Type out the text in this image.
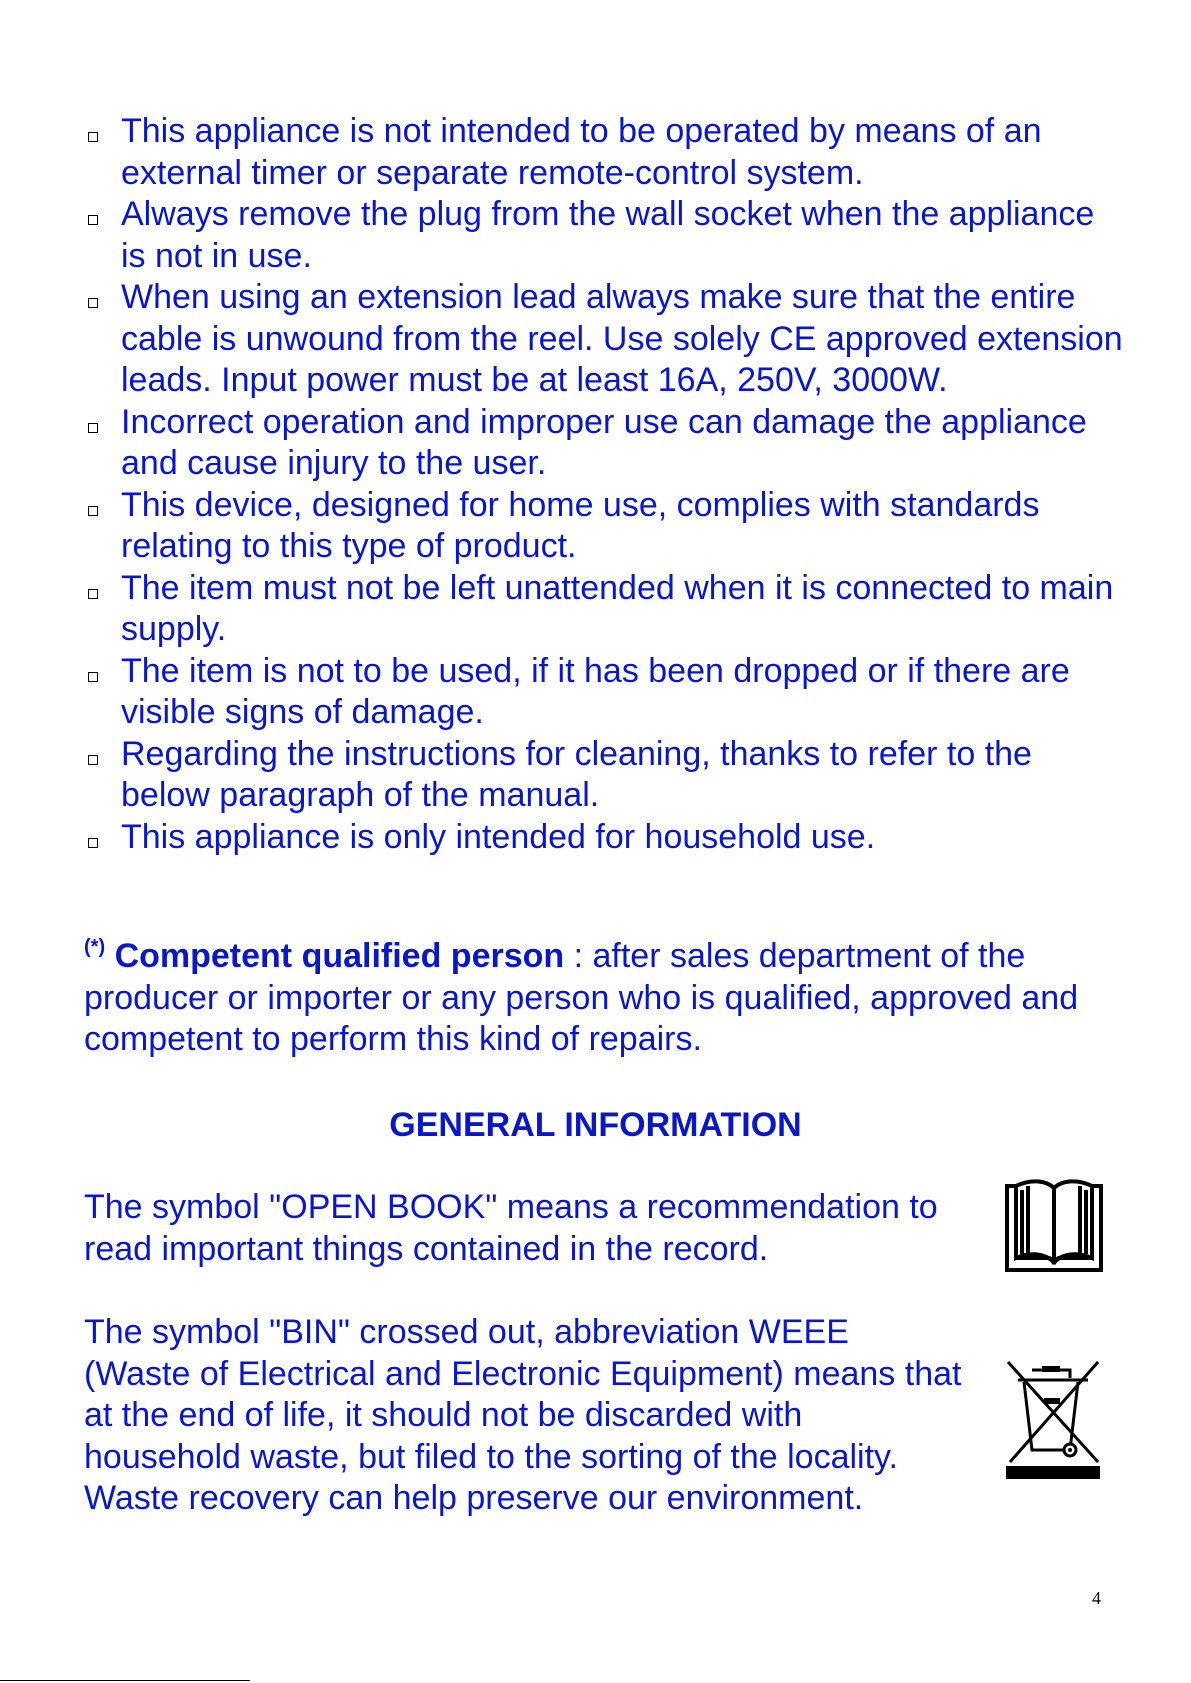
This appliance is not intended to be operated by means of an external timer or separate remote-control system.
Always remove the plug from the wall socket when the appliance is not in use.
When using an extension lead always make sure that the entire cable is unwound from the reel. Use solely CE approved extension leads. Input power must be at least 16A, 250V, 3000W.
Incorrect operation and improper use can damage the appliance and cause injury to the user.
This device, designed for home use, complies with standards relating to this type of product.
The item must not be left unattended when it is connected to main supply.
The item is not to be used, if it has been dropped or if there are visible signs of damage.
Regarding the instructions for cleaning, thanks to refer to the below paragraph of the manual.
This appliance is only intended for household use.
(*) Competent qualified person : after sales department of the producer or importer or any person who is qualified, approved and competent to perform this kind of repairs.
GENERAL INFORMATION
The symbol "OPEN BOOK" means a recommendation to read important things contained in the record.
The symbol "BIN" crossed out, abbreviation WEEE (Waste of Electrical and Electronic Equipment) means that at the end of life, it should not be discarded with household waste, but filed to the sorting of the locality. Waste recovery can help preserve our environment.
4
